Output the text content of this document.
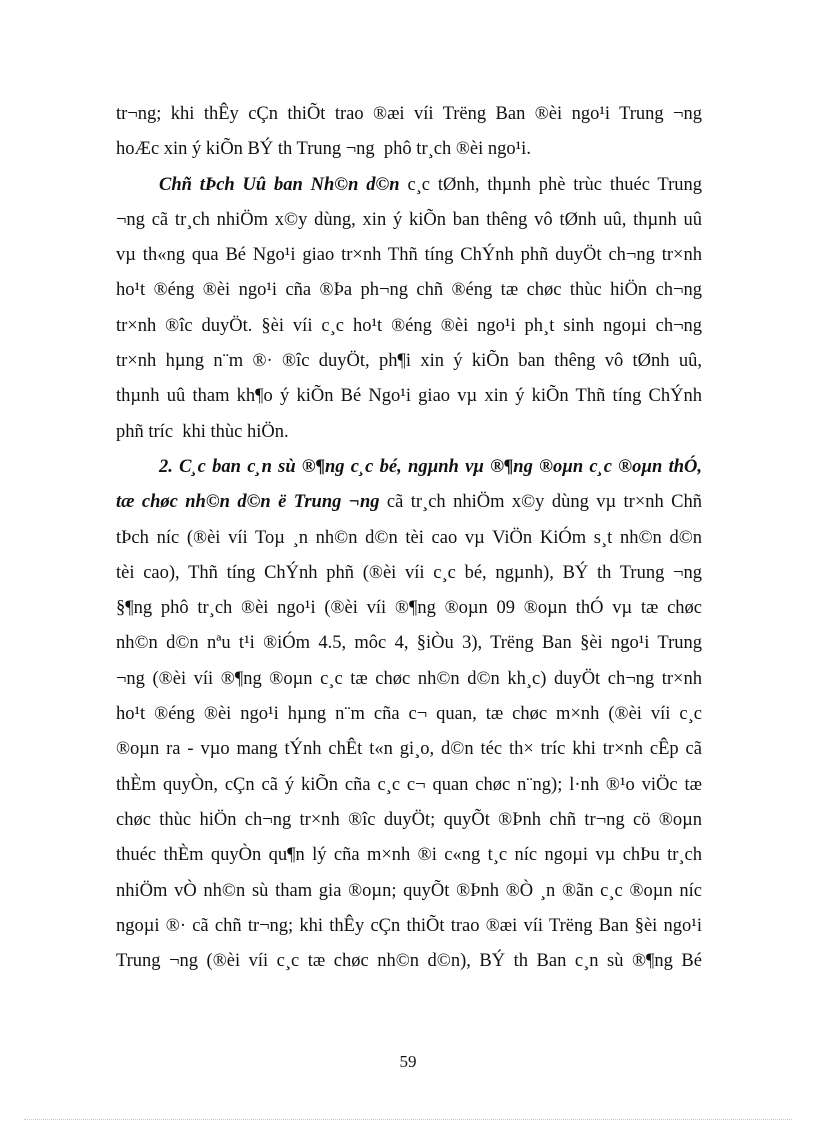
tr¬ng; khi thÊy cÇn thiÕt trao ®æi víi Trëng Ban ®èi ngo¹i Trung ¬ng
hoÆc xin ý kiÕn BÝ th Trung ¬ng  phô tr¸ch ®èi ngo¹i.
Chñ tÞch Uû ban Nh©n d©n c¸c tØnh, thµnh phè trùc thuéc Trung
¬ng cã tr¸ch nhiÖm x©y dùng, xin ý kiÕn ban thêng vô tØnh uû, thµnh uû
vµ th«ng qua Bé Ngo¹i giao tr×nh Thñ tíng ChÝnh phñ duyÖt ch¬ng tr×nh
ho¹t ®éng ®èi ngo¹i cña ®Þa ph¬ng chñ ®éng tæ chøc thùc hiÖn ch¬ng
tr×nh ®îc duyÖt. §èi víi c¸c ho¹t ®éng ®èi ngo¹i ph¸t sinh ngoµi ch¬ng
tr×nh hµng n¨m ®· ®îc duyÖt, ph¶i xin ý kiÕn ban thêng vô tØnh uû,
thµnh uû tham kh¶o ý kiÕn Bé Ngo¹i giao vµ xin ý kiÕn Thñ tíng ChÝnh
phñ tríc  khi thùc hiÖn.
2. C¸c ban c¸n sù ®¶ng c¸c bé, ngµnh vµ ®¶ng ®oµn c¸c ®oµn thÓ,
tæ chøc nh©n d©n ë Trung ¬ng cã tr¸ch nhiÖm x©y dùng vµ tr×nh Chñ
tÞch níc (®èi víi Toµ ¸n nh©n d©n tèi cao vµ ViÖn KiÓm s¸t nh©n d©n
tèi cao), Thñ tíng ChÝnh phñ (®èi víi c¸c bé, ngµnh), BÝ th Trung ¬ng
§¶ng phô tr¸ch ®èi ngo¹i (®èi víi ®¶ng ®oµn 09 ®oµn thÓ vµ tæ chøc
nh©n d©n nªu t¹i ®iÓm 4.5, môc 4, §iÒu 3), Trëng Ban §èi ngo¹i Trung
¬ng (®èi víi ®¶ng ®oµn c¸c tæ chøc nh©n d©n kh¸c) duyÖt ch¬ng tr×nh
ho¹t ®éng ®èi ngo¹i hµng n¨m cña c¬ quan, tæ chøc m×nh (®èi víi c¸c
®oµn ra - vµo mang tÝnh chÊt t«n gi¸o, d©n téc th× tríc khi tr×nh cÊp cã
thÈm quyÒn, cÇn cã ý kiÕn cña c¸c c¬ quan chøc n¨ng); l·nh ®¹o viÖc tæ
chøc thùc hiÖn ch¬ng tr×nh ®îc duyÖt; quyÕt ®Þnh chñ tr¬ng cö ®oµn
thuéc thÈm quyÒn qu¶n lý cña m×nh ®i c«ng t¸c níc ngoµi vµ chÞu tr¸ch
nhiÖm vÒ nh©n sù tham gia ®oµn; quyÕt ®Þnh ®Ò ¸n ®ãn c¸c ®oµn níc
ngoµi ®· cã chñ tr¬ng; khi thÊy cÇn thiÕt trao ®æi víi Trëng Ban §èi ngo¹i
Trung ¬ng (®èi víi c¸c tæ chøc nh©n d©n), BÝ th Ban c¸n sù ®¶ng Bé
59
